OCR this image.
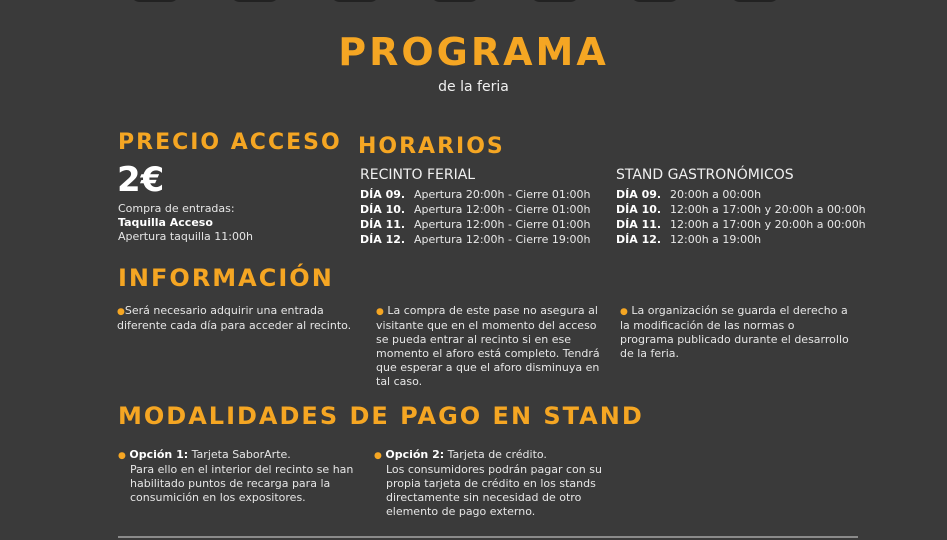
PROGRAMA
de la feria
PRECIO ACCESO
2€
Compra de entradas:
Taquilla Acceso
Apertura taquilla 11:00h
HORARIOS
RECINTO FERIAL
DÍA 09. Apertura 20:00h - Cierre 01:00h
DÍA 10. Apertura 12:00h - Cierre 01:00h
DÍA 11. Apertura 12:00h - Cierre 01:00h
DÍA 12. Apertura 12:00h - Cierre 19:00h
STAND GASTRONÓMICOS
DÍA 09. 20:00h a 00:00h
DÍA 10. 12:00h a 17:00h y 20:00h a 00:00h
DÍA 11. 12:00h a 17:00h y 20:00h a 00:00h
DÍA 12. 12:00h a 19:00h
INFORMACIÓN
●Será necesario adquirir una entrada diferente cada día para acceder al recinto.
● La compra de este pase no asegura al visitante que en el momento del acceso se pueda entrar al recinto si en ese momento el aforo está completo. Tendrá que esperar a que el aforo disminuya en tal caso.
● La organización se guarda el derecho a la modificación de las normas o programa publicado durante el desarrollo de la feria.
MODALIDADES DE PAGO EN STAND
● Opción 1: Tarjeta SaborArte.
Para ello en el interior del recinto se han habilitado puntos de recarga para la consumición en los expositores.
● Opción 2: Tarjeta de crédito.
Los consumidores podrán pagar con su propia tarjeta de crédito en los stands directamente sin necesidad de otro elemento de pago externo.
